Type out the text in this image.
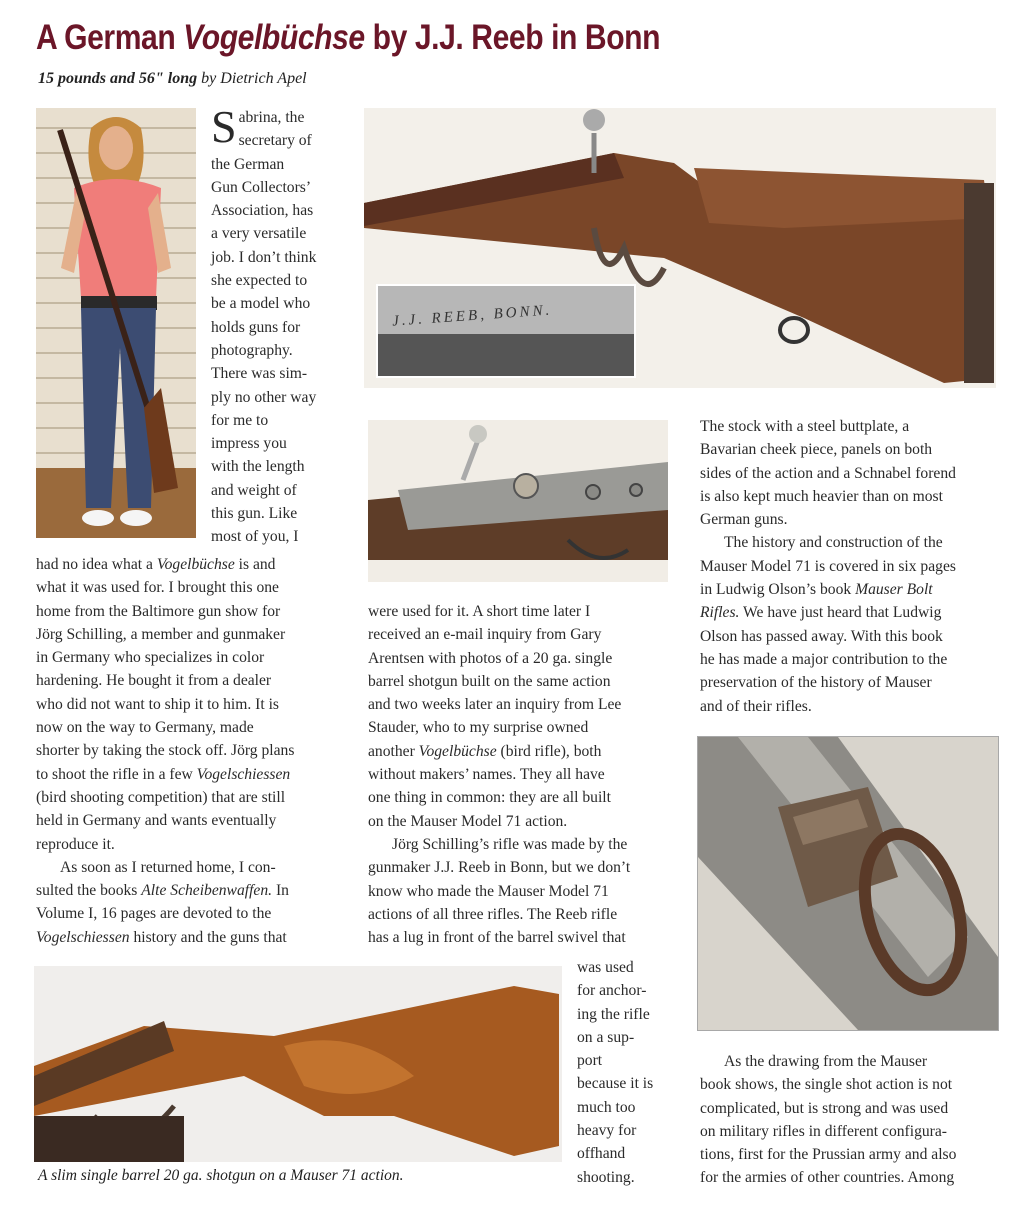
A German Vogelbüchse by J.J. Reeb in Bonn
15 pounds and 56" long by Dietrich Apel
S abrina, the
secretary of
the German
Gun Collectors’
Association, has
a very versatile
job. I don’t think
she expected to
be a model who
holds guns for
photography.
There was sim-
ply no other way
for me to
impress you
with the length
and weight of
this gun. Like
most of you, I
had no idea what a Vogelbüchse is and
what it was used for. I brought this one
home from the Baltimore gun show for
Jörg Schilling, a member and gunmaker
in Germany who specializes in color
hardening. He bought it from a dealer
who did not want to ship it to him. It is
now on the way to Germany, made
shorter by taking the stock off. Jörg plans
to shoot the rifle in a few Vogelschiessen
(bird shooting competition) that are still
held in Germany and wants eventually
reproduce it.
As soon as I returned home, I con-
sulted the books Alte Scheibenwaffen. In
Volume I, 16 pages are devoted to the
Vogelschiessen history and the guns that
J.J. REEB, BONN.
were used for it. A short time later I
received an e-mail inquiry from Gary
Arentsen with photos of a 20 ga. single
barrel shotgun built on the same action
and two weeks later an inquiry from Lee
Stauder, who to my surprise owned
another Vogelbüchse (bird rifle), both
without makers’ names. They all have
one thing in common: they are all built
on the Mauser Model 71 action.
Jörg Schilling’s rifle was made by the
gunmaker J.J. Reeb in Bonn, but we don’t
know who made the Mauser Model 71
actions of all three rifles. The Reeb rifle
has a lug in front of the barrel swivel that
was used
for anchor-
ing the rifle
on a sup-
port
because it is
much too
heavy for
offhand
shooting.
The stock with a steel buttplate, a
Bavarian cheek piece, panels on both
sides of the action and a Schnabel forend
is also kept much heavier than on most
German guns.
The history and construction of the
Mauser Model 71 is covered in six pages
in Ludwig Olson’s book Mauser Bolt
Rifles. We have just heard that Ludwig
Olson has passed away. With this book
he has made a major contribution to the
preservation of the history of Mauser
and of their rifles.
As the drawing from the Mauser
book shows, the single shot action is not
complicated, but is strong and was used
on military rifles in different configura-
tions, first for the Prussian army and also
for the armies of other countries. Among
A slim single barrel 20 ga. shotgun on a Mauser 71 action.
